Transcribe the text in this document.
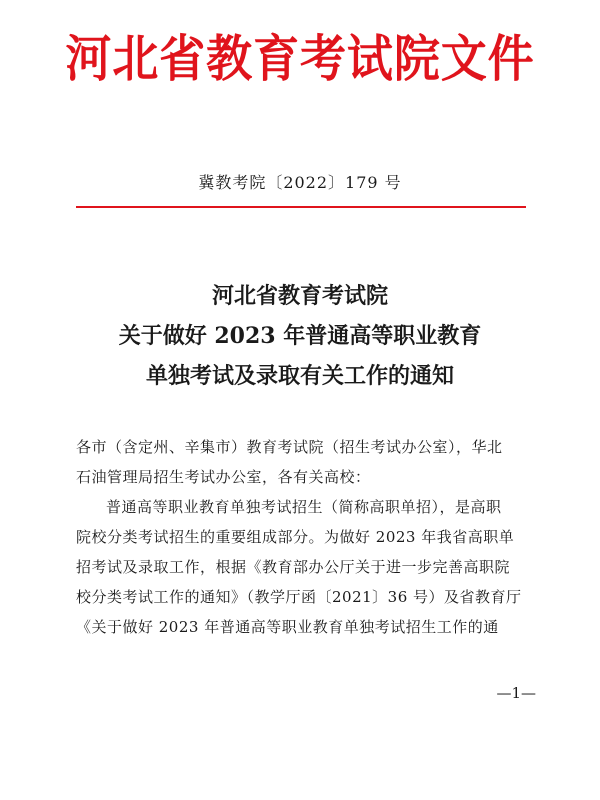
河北省教育考试院文件
冀教考院〔2022〕179 号
河北省教育考试院
关于做好 2023 年普通高等职业教育
单独考试及录取有关工作的通知

各市（含定州、辛集市）教育考试院（招生考试办公室），华北

石油管理局招生考试办公室，各有关高校：

普通高等职业教育单独考试招生（简称高职单招），是高职

院校分类考试招生的重要组成部分。为做好 2023 年我省高职单

招考试及录取工作，根据《教育部办公厅关于进一步完善高职院

校分类考试工作的通知》（教学厅函〔2021〕36 号）及省教育厅

《关于做好 2023 年普通高等职业教育单独考试招生工作的通

—1—
